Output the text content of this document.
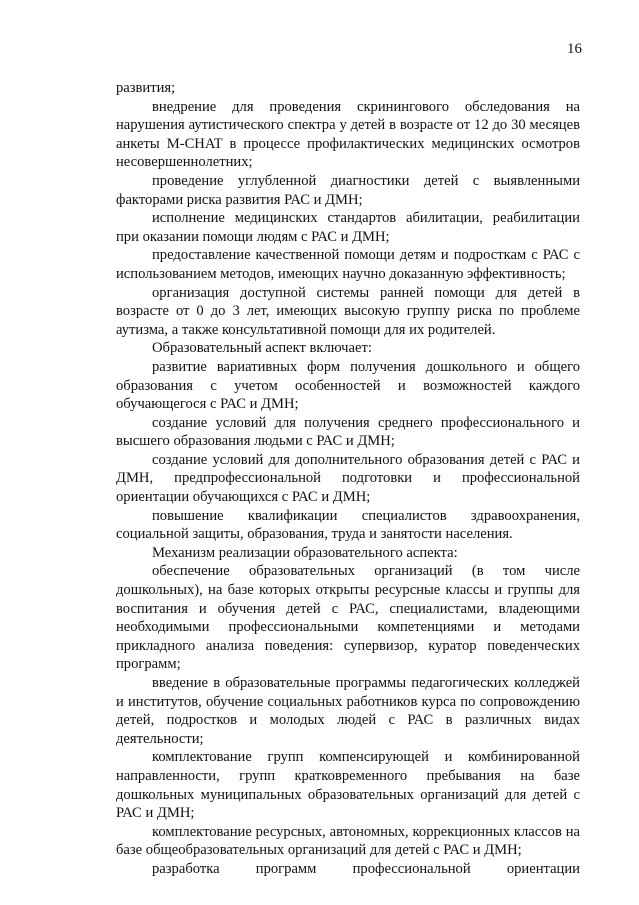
16

развития;

внедрение для проведения скринингового обследования на нарушения аутистического спектра у детей в возрасте от 12 до 30 месяцев анкеты M-CHAT в процессе профилактических медицинских осмотров несовершеннолетних;

проведение углубленной диагностики детей с выявленными факторами риска развития РАС и ДМН;

исполнение медицинских стандартов абилитации, реабилитации при оказании помощи людям с РАС и ДМН;

предоставление качественной помощи детям и подросткам с РАС с использованием методов, имеющих научно доказанную эффективность;

организация доступной системы ранней помощи для детей в возрасте от 0 до 3 лет, имеющих высокую группу риска по проблеме аутизма, а также консультативной помощи для их родителей.

Образовательный аспект включает:

развитие вариативных форм получения дошкольного и общего образования с учетом особенностей и возможностей каждого обучающегося с РАС и ДМН;

создание условий для получения среднего профессионального и высшего образования людьми с РАС и ДМН;

создание условий для дополнительного образования детей с РАС и ДМН, предпрофессиональной подготовки и профессиональной ориентации обучающихся с РАС и ДМН;

повышение квалификации специалистов здравоохранения, социальной защиты, образования, труда и занятости населения.

Механизм реализации образовательного аспекта:

обеспечение образовательных организаций (в том числе дошкольных), на базе которых открыты ресурсные классы и группы для воспитания и обучения детей с РАС, специалистами, владеющими необходимыми профессиональными компетенциями и методами прикладного анализа поведения: супервизор, куратор поведенческих программ;

введение в образовательные программы педагогических колледжей и институтов, обучение социальных работников курса по сопровождению детей, подростков и молодых людей с РАС в различных видах деятельности;

комплектование групп компенсирующей и комбинированной направленности, групп кратковременного пребывания на базе дошкольных муниципальных образовательных организаций для детей с РАС и ДМН;

комплектование ресурсных, автономных, коррекционных классов на базе общеобразовательных организаций для детей с РАС и ДМН;

разработка программ профессиональной ориентации
